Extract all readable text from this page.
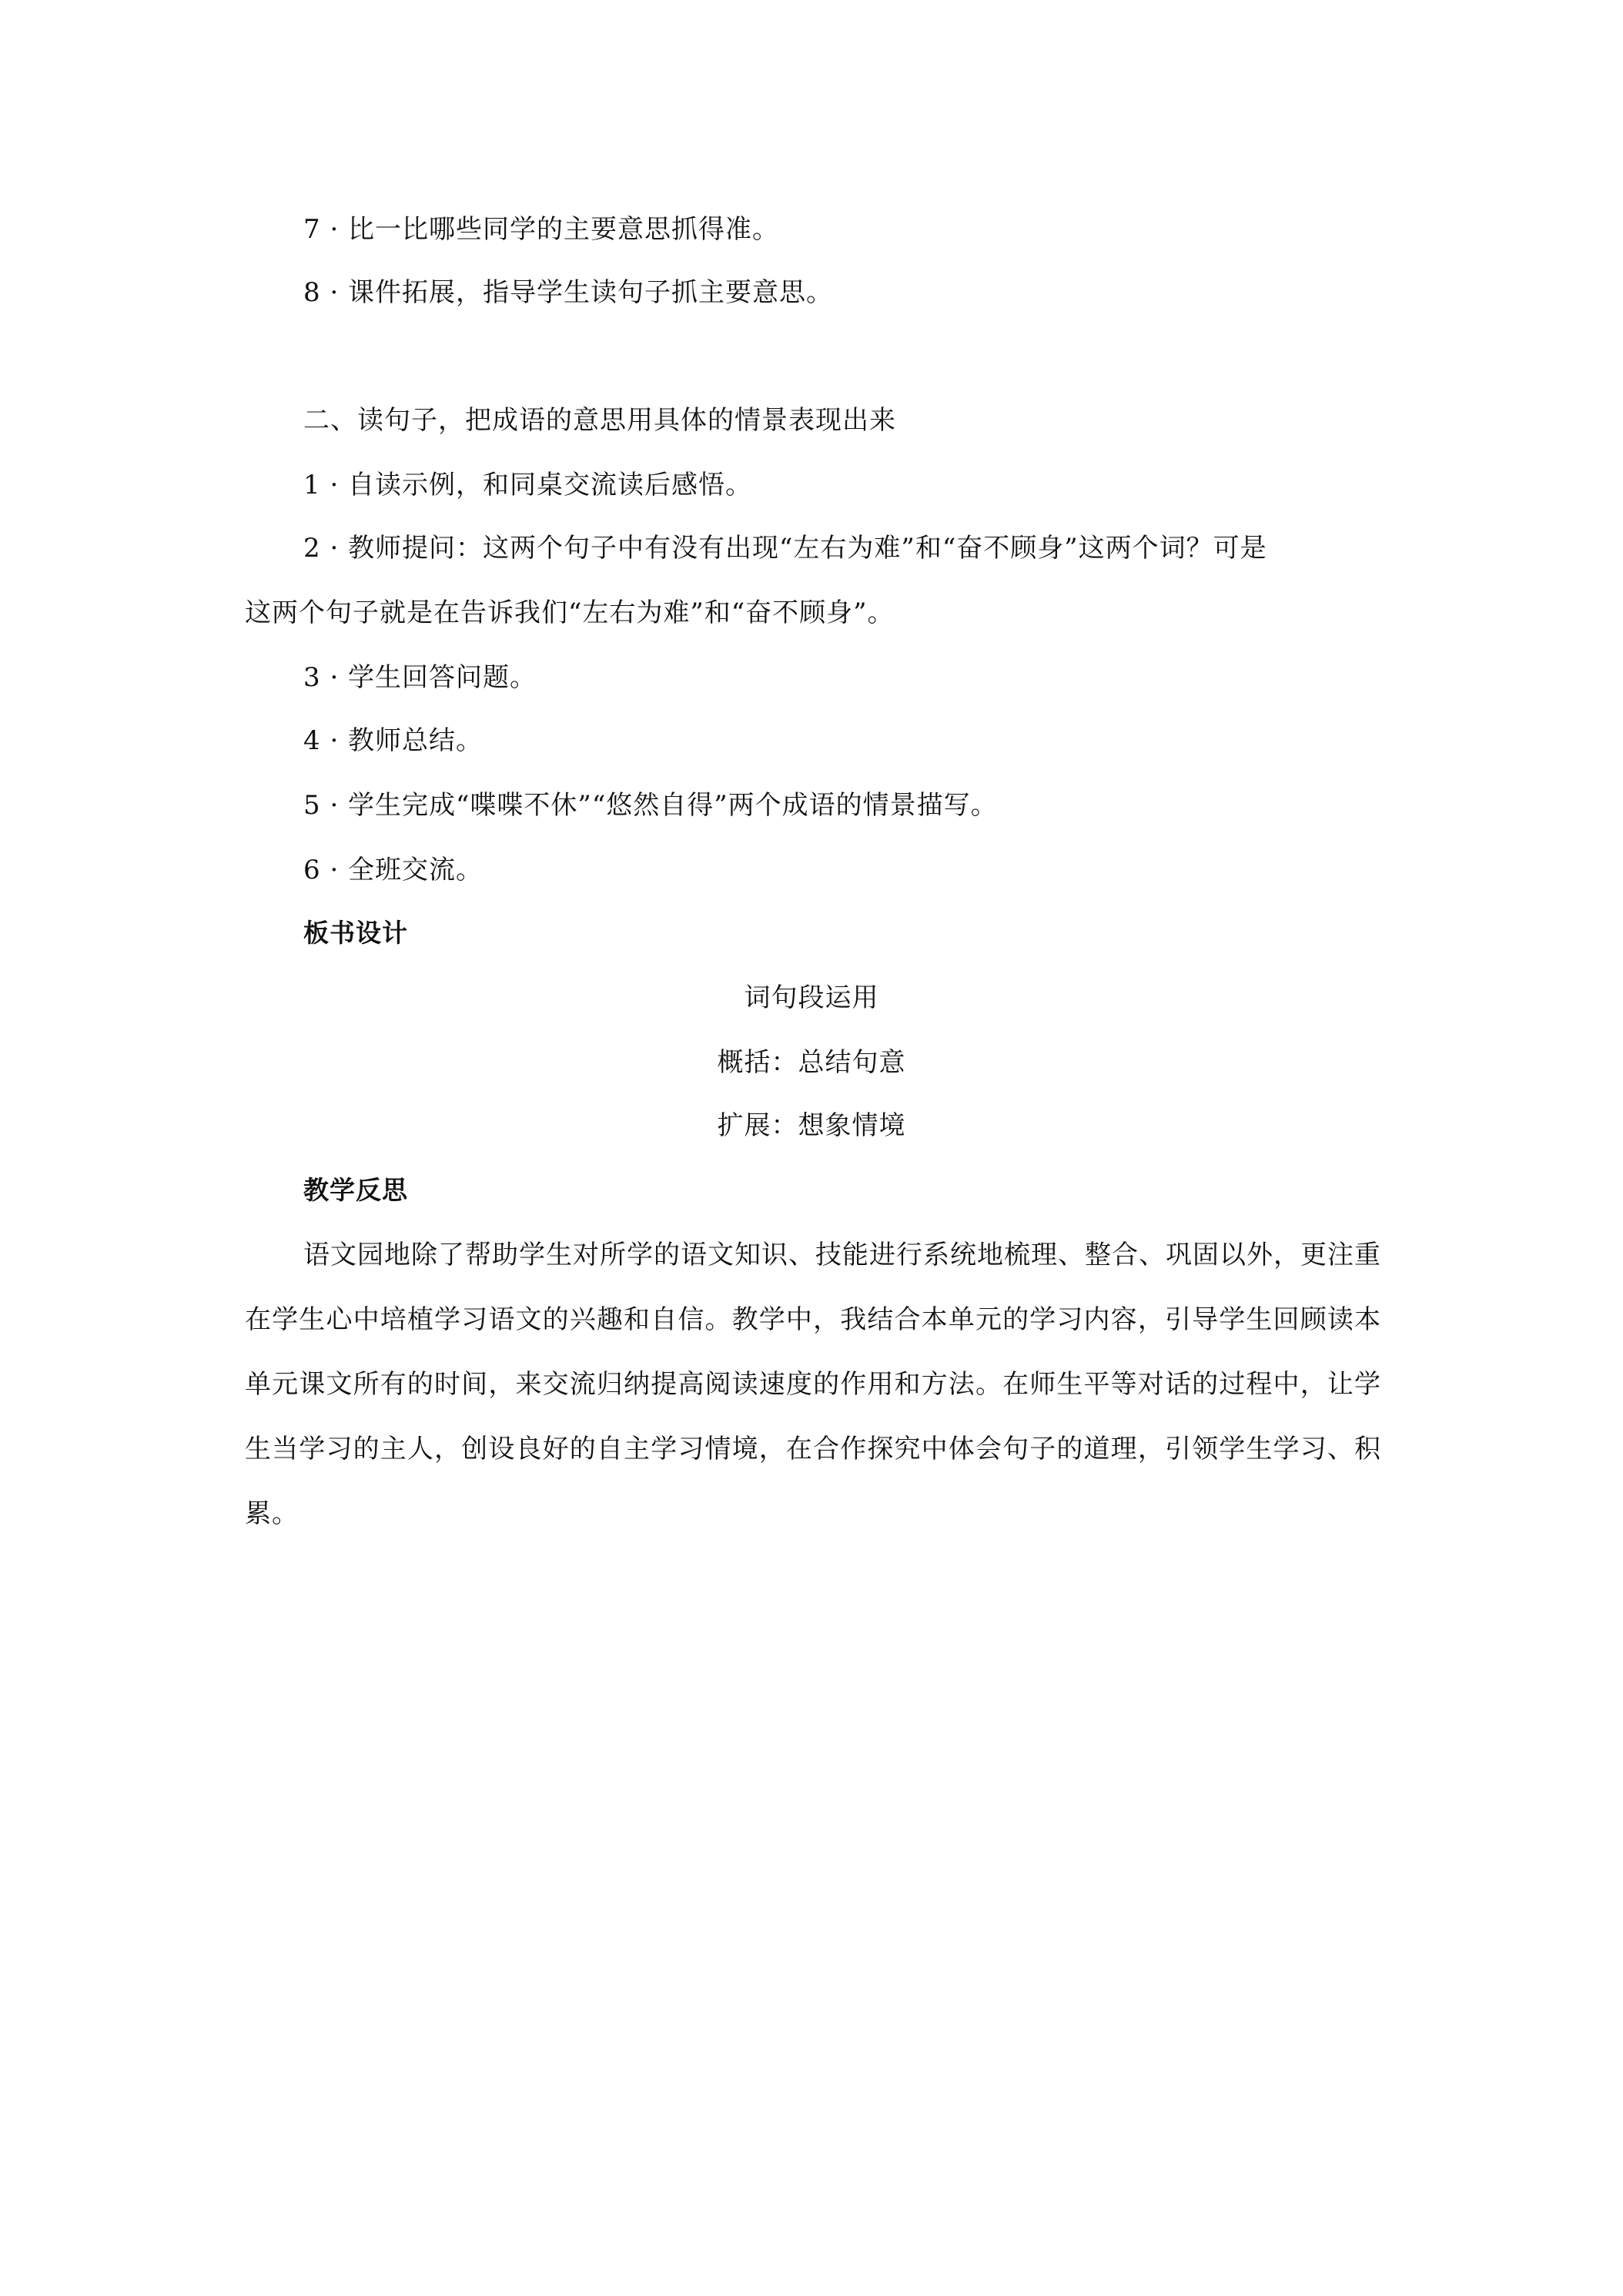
7 · 比一比哪些同学的主要意思抓得准。
8 · 课件拓展，指导学生读句子抓主要意思。
二、读句子，把成语的意思用具体的情景表现出来
1 · 自读示例，和同桌交流读后感悟。
2 · 教师提问：这两个句子中有没有出现“左右为难”和“奋不顾身”这两个词？可是
这两个句子就是在告诉我们“左右为难”和“奋不顾身”。
3 · 学生回答问题。
4 · 教师总结。
5 · 学生完成“喋喋不休”“悠然自得”两个成语的情景描写。
6 · 全班交流。
板书设计
词句段运用
概括：总结句意
扩展：想象情境
教学反思
语文园地除了帮助学生对所学的语文知识、技能进行系统地梳理、整合、巩固以外，更注重在学生心中培植学习语文的兴趣和自信。教学中，我结合本单元的学习内容，引导学生回顾读本单元课文所有的时间，来交流归纳提高阅读速度的作用和方法。在师生平等对话的过程中，让学生当学习的主人，创设良好的自主学习情境，在合作探究中体会句子的道理，引领学生学习、积累。
